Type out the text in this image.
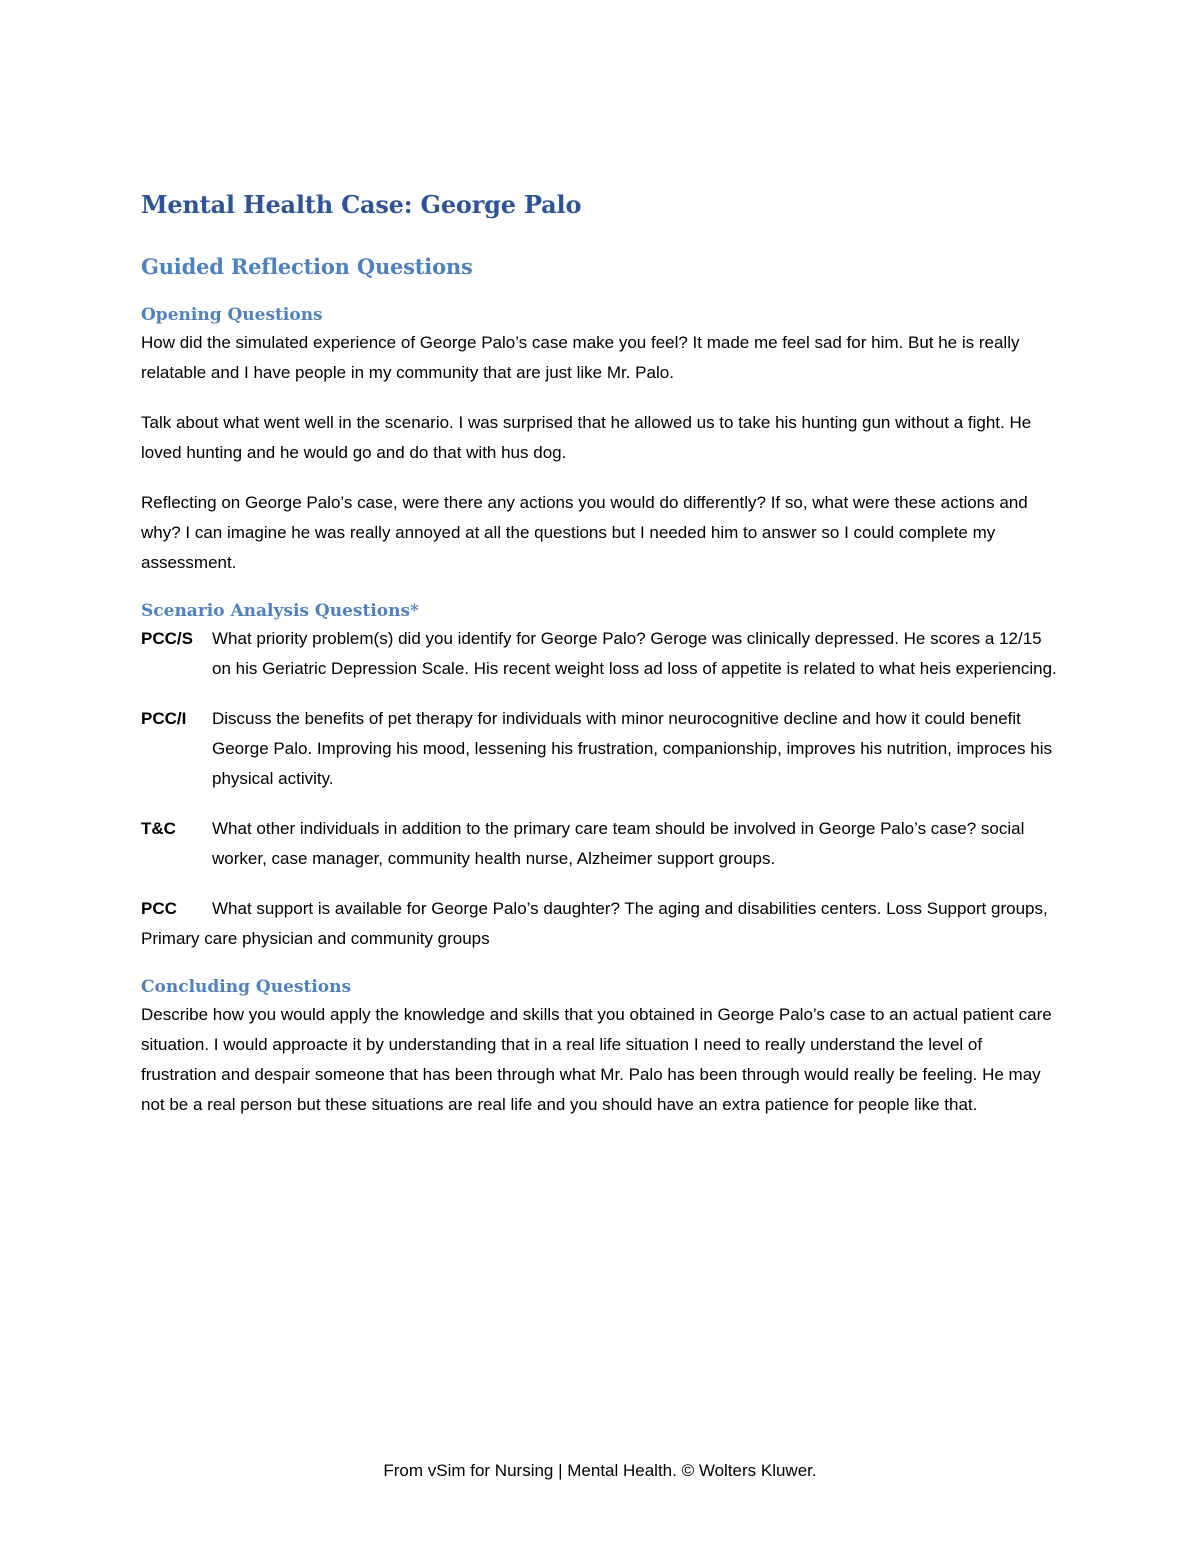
Mental Health Case: George Palo
Guided Reflection Questions
Opening Questions

How did the simulated experience of George Palo’s case make you feel? It made me feel sad for him. But he is really relatable and I have people in my community that are just like Mr. Palo.

Talk about what went well in the scenario. I was surprised that he allowed us to take his hunting gun without a fight. He loved hunting and he would go and do that with hus dog.

Reflecting on George Palo’s case, were there any actions you would do differently? If so, what were these actions and why? I can imagine he was really annoyed at all the questions but I needed him to answer so I could complete my assessment.

Scenario Analysis Questions*
PCC/S	What priority problem(s) did you identify for George Palo? Geroge was clinically depressed. He scores a 12/15 on his Geriatric Depression Scale. His recent weight loss ad loss of appetite is related to what heis experiencing.
PCC/I	Discuss the benefits of pet therapy for individuals with minor neurocognitive decline and how it could benefit George Palo. Improving his mood, lessening his frustration, companionship, improves his nutrition, improces his physical activity.
T&C	What other individuals in addition to the primary care team should be involved in George Palo’s case? social worker, case manager, community health nurse, Alzheimer support groups.

PCC What support is available for George Palo’s daughter? The aging and disabilities centers. Loss Support groups, Primary care physician and community groups

Concluding Questions

Describe how you would apply the knowledge and skills that you obtained in George Palo’s case to an actual patient care situation. I would approacte it by understanding that in a real life situation I need to really understand the level of frustration and despair someone that has been through what Mr. Palo has been through would really be feeling. He may not be a real person but these situations are real life and you should have an extra patience for people like that.

From vSim for Nursing | Mental Health. © Wolters Kluwer.
